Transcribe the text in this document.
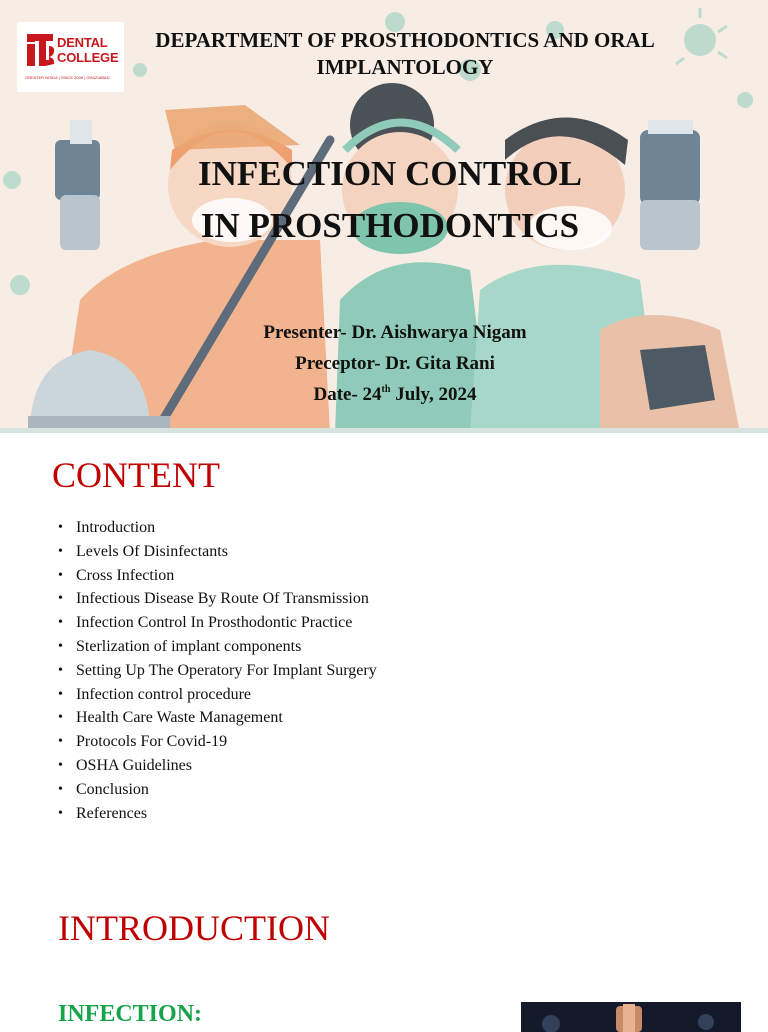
DENTAL
COLLEGE
GREATER NOIDA | SINCE 2006 | GHAZIABAD
DEPARTMENT OF PROSTHODONTICS AND ORAL IMPLANTOLOGY
INFECTION CONTROL
IN PROSTHODONTICS
Presenter- Dr. Aishwarya Nigam
Preceptor- Dr. Gita Rani
Date- 24th July, 2024
CONTENT
• Introduction
• Levels Of Disinfectants
• Cross Infection
• Infectious Disease By Route Of Transmission
• Infection Control In Prosthodontic Practice
• Sterlization of implant components
• Setting Up The Operatory For Implant Surgery
• Infection control procedure
• Health Care Waste Management
• Protocols For Covid-19
• OSHA Guidelines
• Conclusion
• References
INTRODUCTION
INFECTION:
